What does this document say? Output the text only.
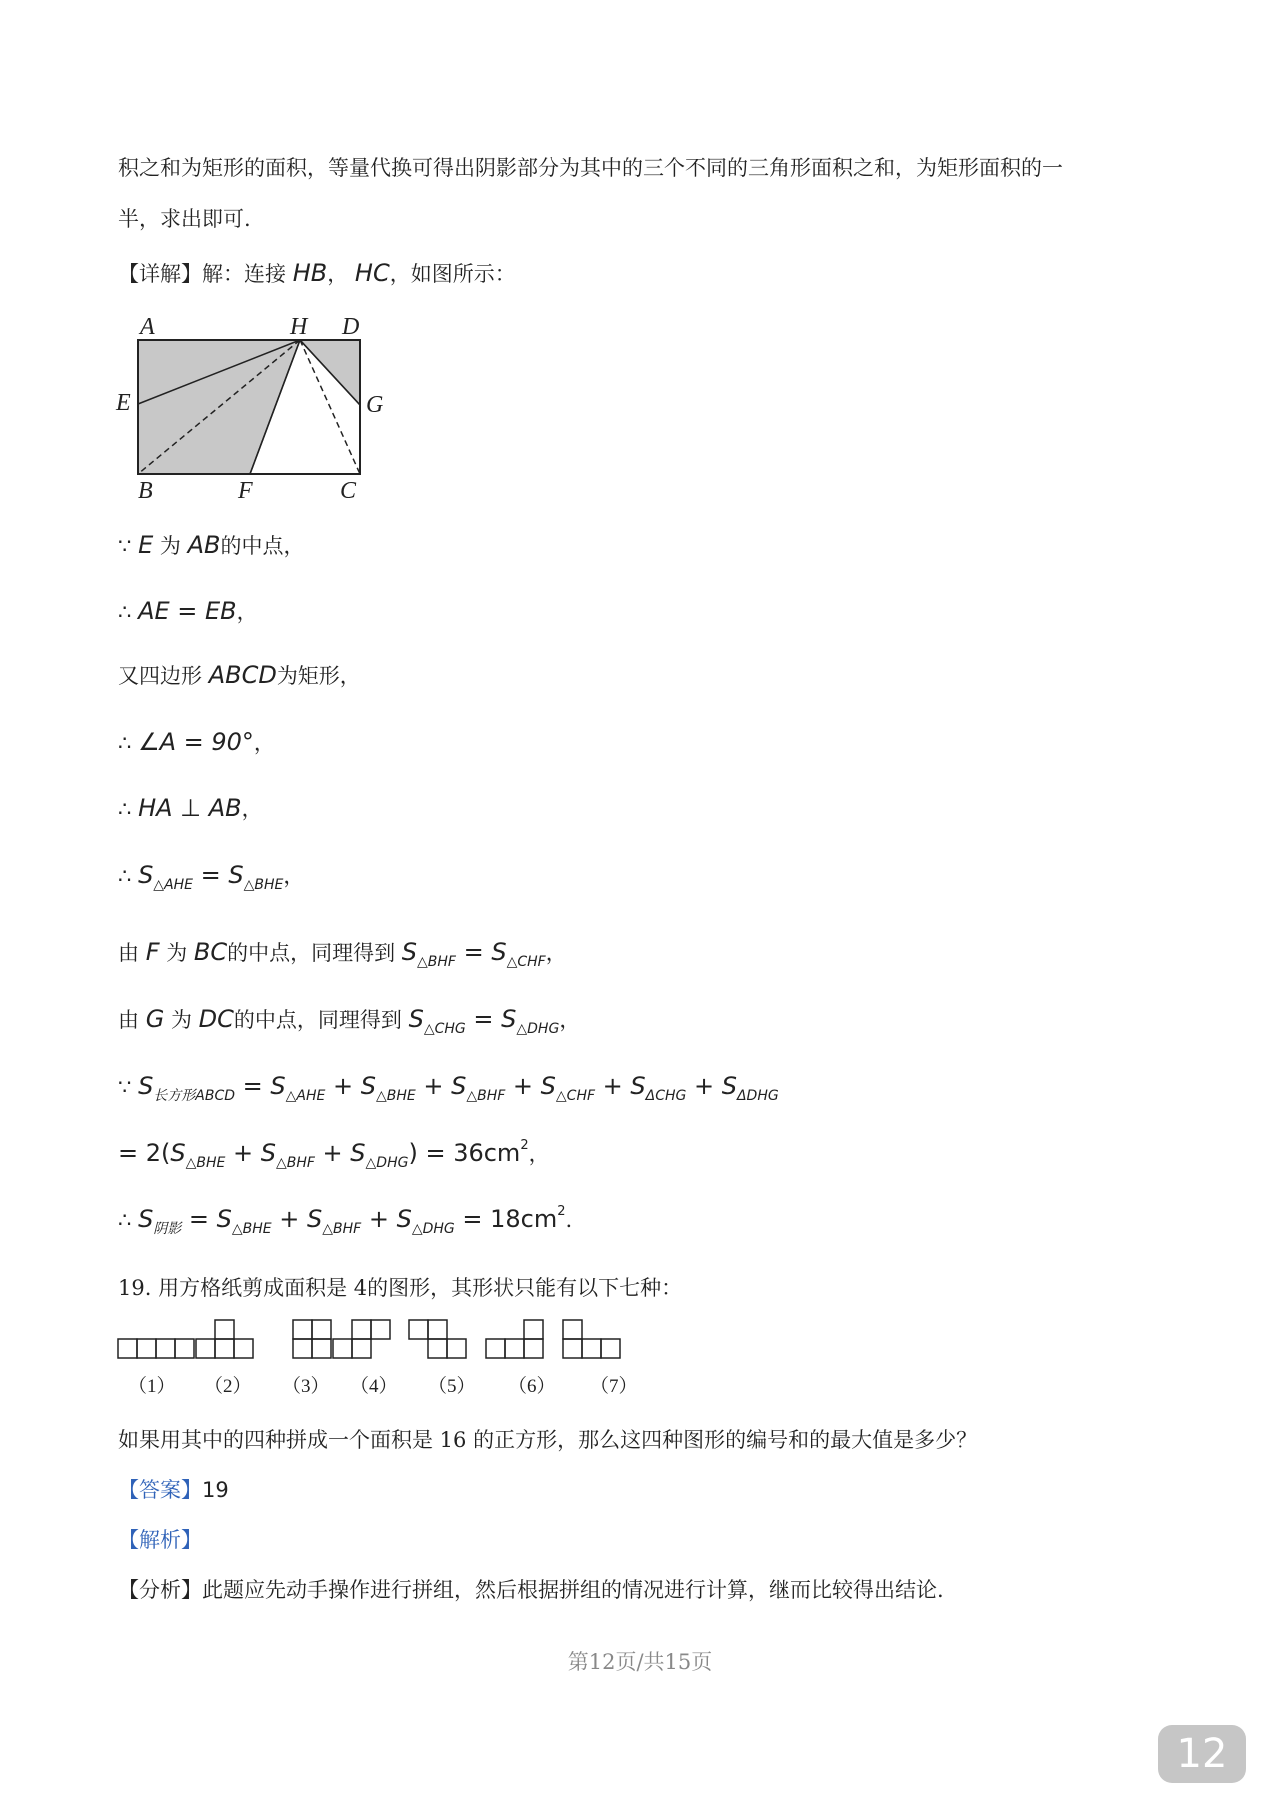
积之和为矩形的面积，等量代换可得出阴影部分为其中的三个不同的三角形面积之和，为矩形面积的一
半，求出即可.
【详解】解：连接 HB， HC，如图所示：
A	H D
E	G
B	F	C
∵ E 为 AB的中点，
∴ AE = EB，
又四边形 ABCD为矩形，
∴ ∠A = 90°，
∴ HA ⊥ AB，
∴ $S_{\triangle AHE} = S_{\triangle BHE}$，
由 F 为 BC的中点，同理得到 $S_{\triangle BHF} = S_{\triangle CHF}$，
由 G 为 DC的中点，同理得到 $S_{\triangle CHG} = S_{\triangle DHG}$，
∵ $S_{长方形ABCD} = S_{\triangle AHE} + S_{\triangle BHE} + S_{\triangle BHF} + S_{\triangle CHF} + S_{\Delta CHG} + S_{\Delta DHG}$
= $2(S_{\triangle BHE} + S_{\triangle BHF} + S_{\triangle DHG}) = 36cm^2$，
∴ $S_{阴影} = S_{\triangle BHE} + S_{\triangle BHF} + S_{\triangle DHG} = 18cm^2$.
19. 用方格纸剪成面积是 4的图形，其形状只能有以下七种：
（1） （2） （3） （4） （5） （6） （7）
如果用其中的四种拼成一个面积是 16 的正方形，那么这四种图形的编号和的最大值是多少？
【答案】19
【解析】
【分析】此题应先动手操作进行拼组，然后根据拼组的情况进行计算，继而比较得出结论.
第12页/共15页
12
